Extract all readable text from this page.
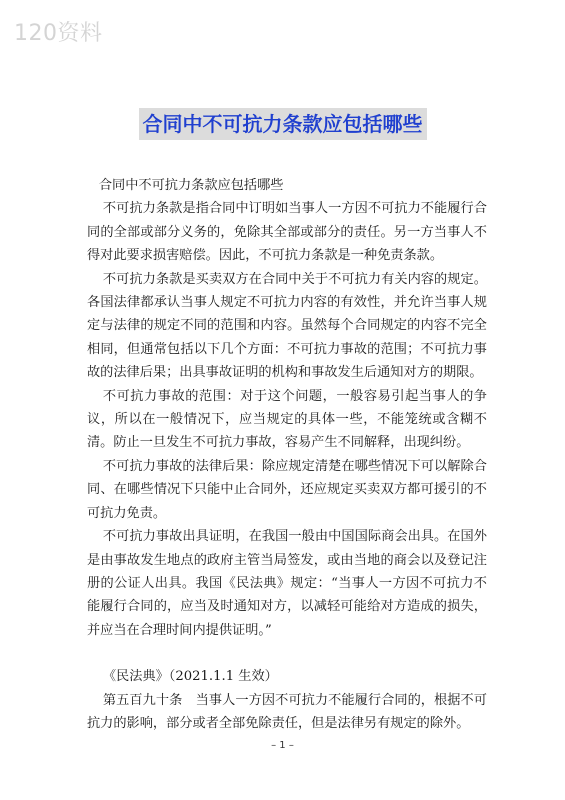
120资料
合同中不可抗力条款应包括哪些

合同中不可抗力条款应包括哪些

不可抗力条款是指合同中订明如当事人一方因不可抗力不能履行合同的全部或部分义务的，免除其全部或部分的责任。另一方当事人不得对此要求损害赔偿。因此，不可抗力条款是一种免责条款。

不可抗力条款是买卖双方在合同中关于不可抗力有关内容的规定。各国法律都承认当事人规定不可抗力内容的有效性，并允许当事人规定与法律的规定不同的范围和内容。虽然每个合同规定的内容不完全相同，但通常包括以下几个方面：不可抗力事故的范围；不可抗力事故的法律后果；出具事故证明的机构和事故发生后通知对方的期限。

不可抗力事故的范围：对于这个问题，一般容易引起当事人的争议，所以在一般情况下，应当规定的具体一些，不能笼统或含糊不清。防止一旦发生不可抗力事故，容易产生不同解释，出现纠纷。

不可抗力事故的法律后果：除应规定清楚在哪些情况下可以解除合同、在哪些情况下只能中止合同外，还应规定买卖双方都可援引的不可抗力免责。

不可抗力事故出具证明，在我国一般由中国国际商会出具。在国外是由事故发生地点的政府主管当局签发，或由当地的商会以及登记注册的公证人出具。我国《民法典》规定：“当事人一方因不可抗力不能履行合同的，应当及时通知对方，以减轻可能给对方造成的损失，并应当在合理时间内提供证明。”

《民法典》（2021.1.1 生效）

第五百九十条　当事人一方因不可抗力不能履行合同的，根据不可抗力的影响，部分或者全部免除责任，但是法律另有规定的除外。

– 1 –
